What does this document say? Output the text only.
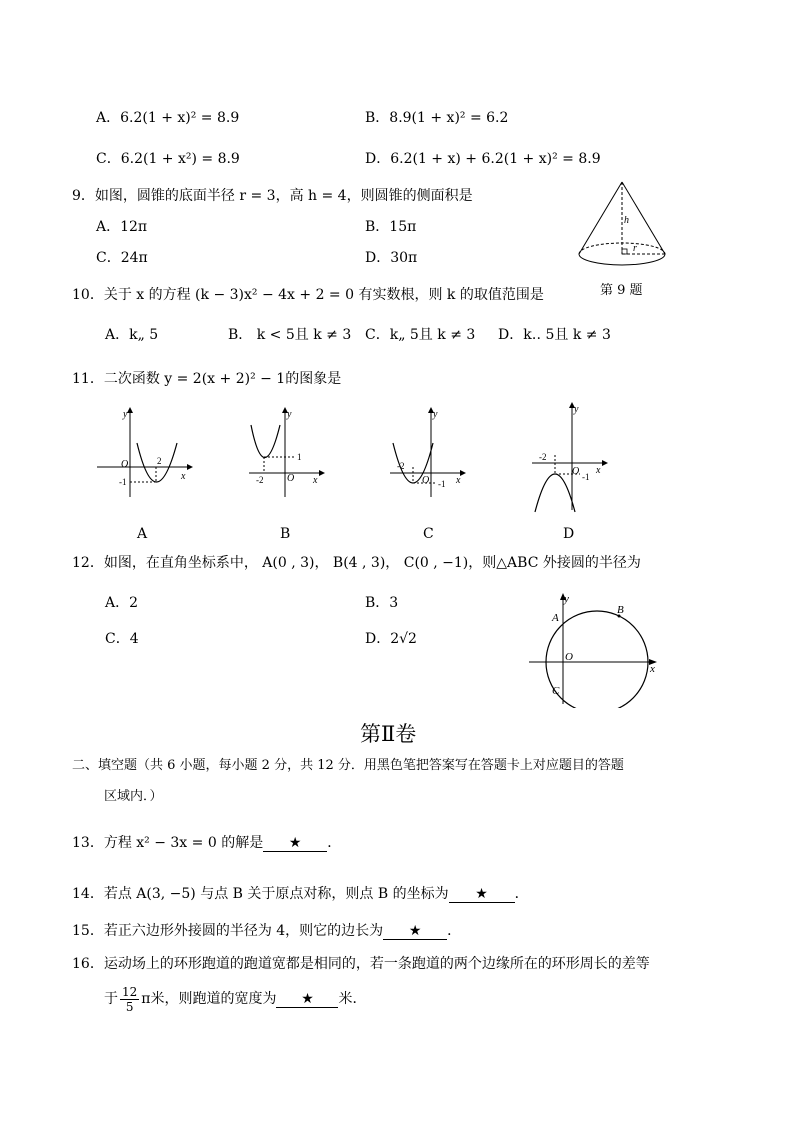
A．6.2(1 + x)² = 8.9	B．8.9(1 + x)² = 6.2
C．6.2(1 + x²) = 8.9	D．6.2(1 + x) + 6.2(1 + x)² = 8.9
9．如图，圆锥的底面半径 r = 3，高 h = 4，则圆锥的侧面积是
A．12π	B．15π
C．24π	D．30π
h
r
第 9 题
10．关于 x 的方程 (k − 3)x² − 4x + 2 = 0 有实数根，则 k 的取值范围是
A．k„ 5	B． k < 5且 k ≠ 3 C．k„ 5且 k ≠ 3 D．k‥ 5且 k ≠ 3
11．二次函数 y = 2(x + 2)² − 1的图象是
O
y
x
2
-1	O
y
x
1
-2	O
y
x
-2
-1
O
y
x
-2
-1
A	B	C	D
12．如图，在直角坐标系中， A(0 , 3)， B(4 , 3)， C(0 , −1)，则△ABC 外接圆的半径为
A．2	B．3
C．4	D．2√2
y
x
A
B
C
O
第Ⅱ卷
二、填空题（共 6 小题，每小题 2 分，共 12 分．用黑色笔把答案写在答题卡上对应题目的答题
区域内．）
13．方程 x² − 3x = 0 的解是 ★ ．
14．若点 A(3, −5) 与点 B 关于原点对称，则点 B 的坐标为 ★ ．
15．若正六边形外接圆的半径为 4，则它的边长为 ★ ．
16．运动场上的环形跑道的跑道宽都是相同的，若一条跑道的两个边缘所在的环形周长的差等
于 $\frac{12}{5}$ π米，则跑道的宽度为 ★ 米．
